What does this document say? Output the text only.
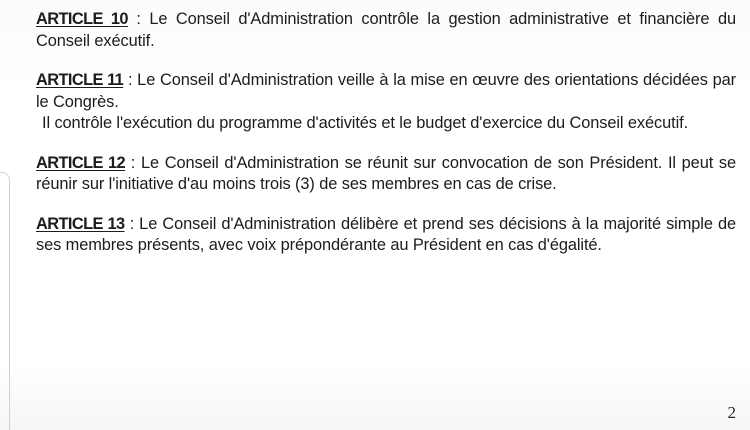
ARTICLE 10 : Le Conseil d'Administration contrôle la gestion administrative et financière du Conseil exécutif.

ARTICLE 11 : Le Conseil d'Administration veille à la mise en œuvre des orientations décidées par le Congrès.

Il contrôle l'exécution du programme d'activités et le budget d'exercice du Conseil exécutif.

ARTICLE 12 : Le Conseil d'Administration se réunit sur convocation de son Président. Il peut se réunir sur l'initiative d'au moins trois (3) de ses membres en cas de crise.

ARTICLE 13 : Le Conseil d'Administration délibère et prend ses décisions à la majorité simple de ses membres présents, avec voix prépondérante au Président en cas d'égalité.

2
